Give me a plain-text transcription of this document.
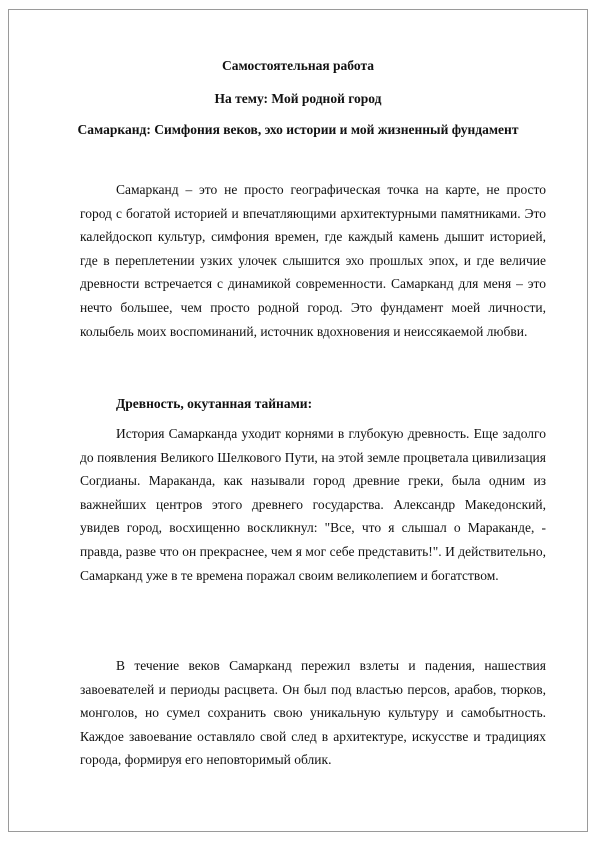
Самостоятельная работа
На тему: Мой родной город
Самарканд: Симфония веков, эхо истории и мой жизненный фундамент

Самарканд – это не просто географическая точка на карте, не просто город с богатой историей и впечатляющими архитектурными памятниками. Это калейдоскоп культур, симфония времен, где каждый камень дышит историей, где в переплетении узких улочек слышится эхо прошлых эпох, и где величие древности встречается с динамикой современности. Самарканд для меня – это нечто большее, чем просто родной город. Это фундамент моей личности, колыбель моих воспоминаний, источник вдохновения и неиссякаемой любви.

Древность, окутанная тайнами:

История Самарканда уходит корнями в глубокую древность. Еще задолго до появления Великого Шелкового Пути, на этой земле процветала цивилизация Согдианы. Мараканда, как называли город древние греки, была одним из важнейших центров этого древнего государства. Александр Македонский, увидев город, восхищенно воскликнул: "Все, что я слышал о Мараканде, - правда, разве что он прекраснее, чем я мог себе представить!". И действительно, Самарканд уже в те времена поражал своим великолепием и богатством.

В течение веков Самарканд пережил взлеты и падения, нашествия завоевателей и периоды расцвета. Он был под властью персов, арабов, тюрков, монголов, но сумел сохранить свою уникальную культуру и самобытность. Каждое завоевание оставляло свой след в архитектуре, искусстве и традициях города, формируя его неповторимый облик.
